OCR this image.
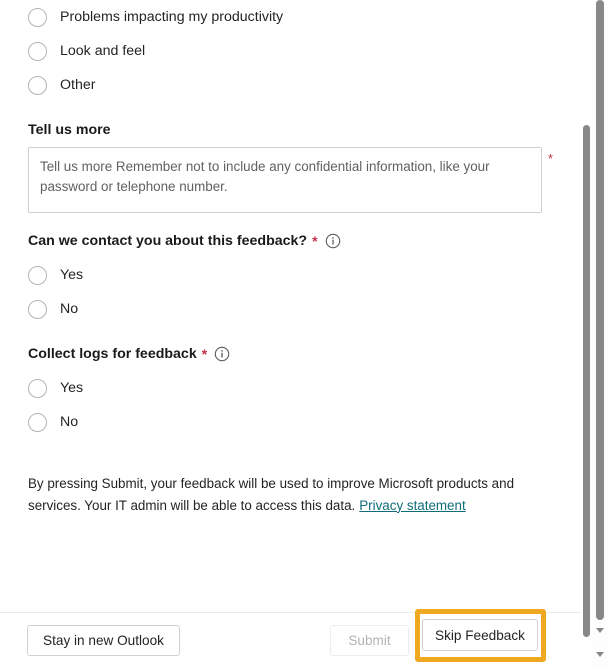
Problems impacting my productivity
Look and feel
Other
Tell us more
Tell us more Remember not to include any confidential information, like your password or telephone number.
*
Can we contact you about this feedback? *
Yes
No
Collect logs for feedback *
Yes
No
By pressing Submit, your feedback will be used to improve Microsoft products and services. Your IT admin will be able to access this data. Privacy statement
Stay in new Outlook	Submit	Skip Feedback
